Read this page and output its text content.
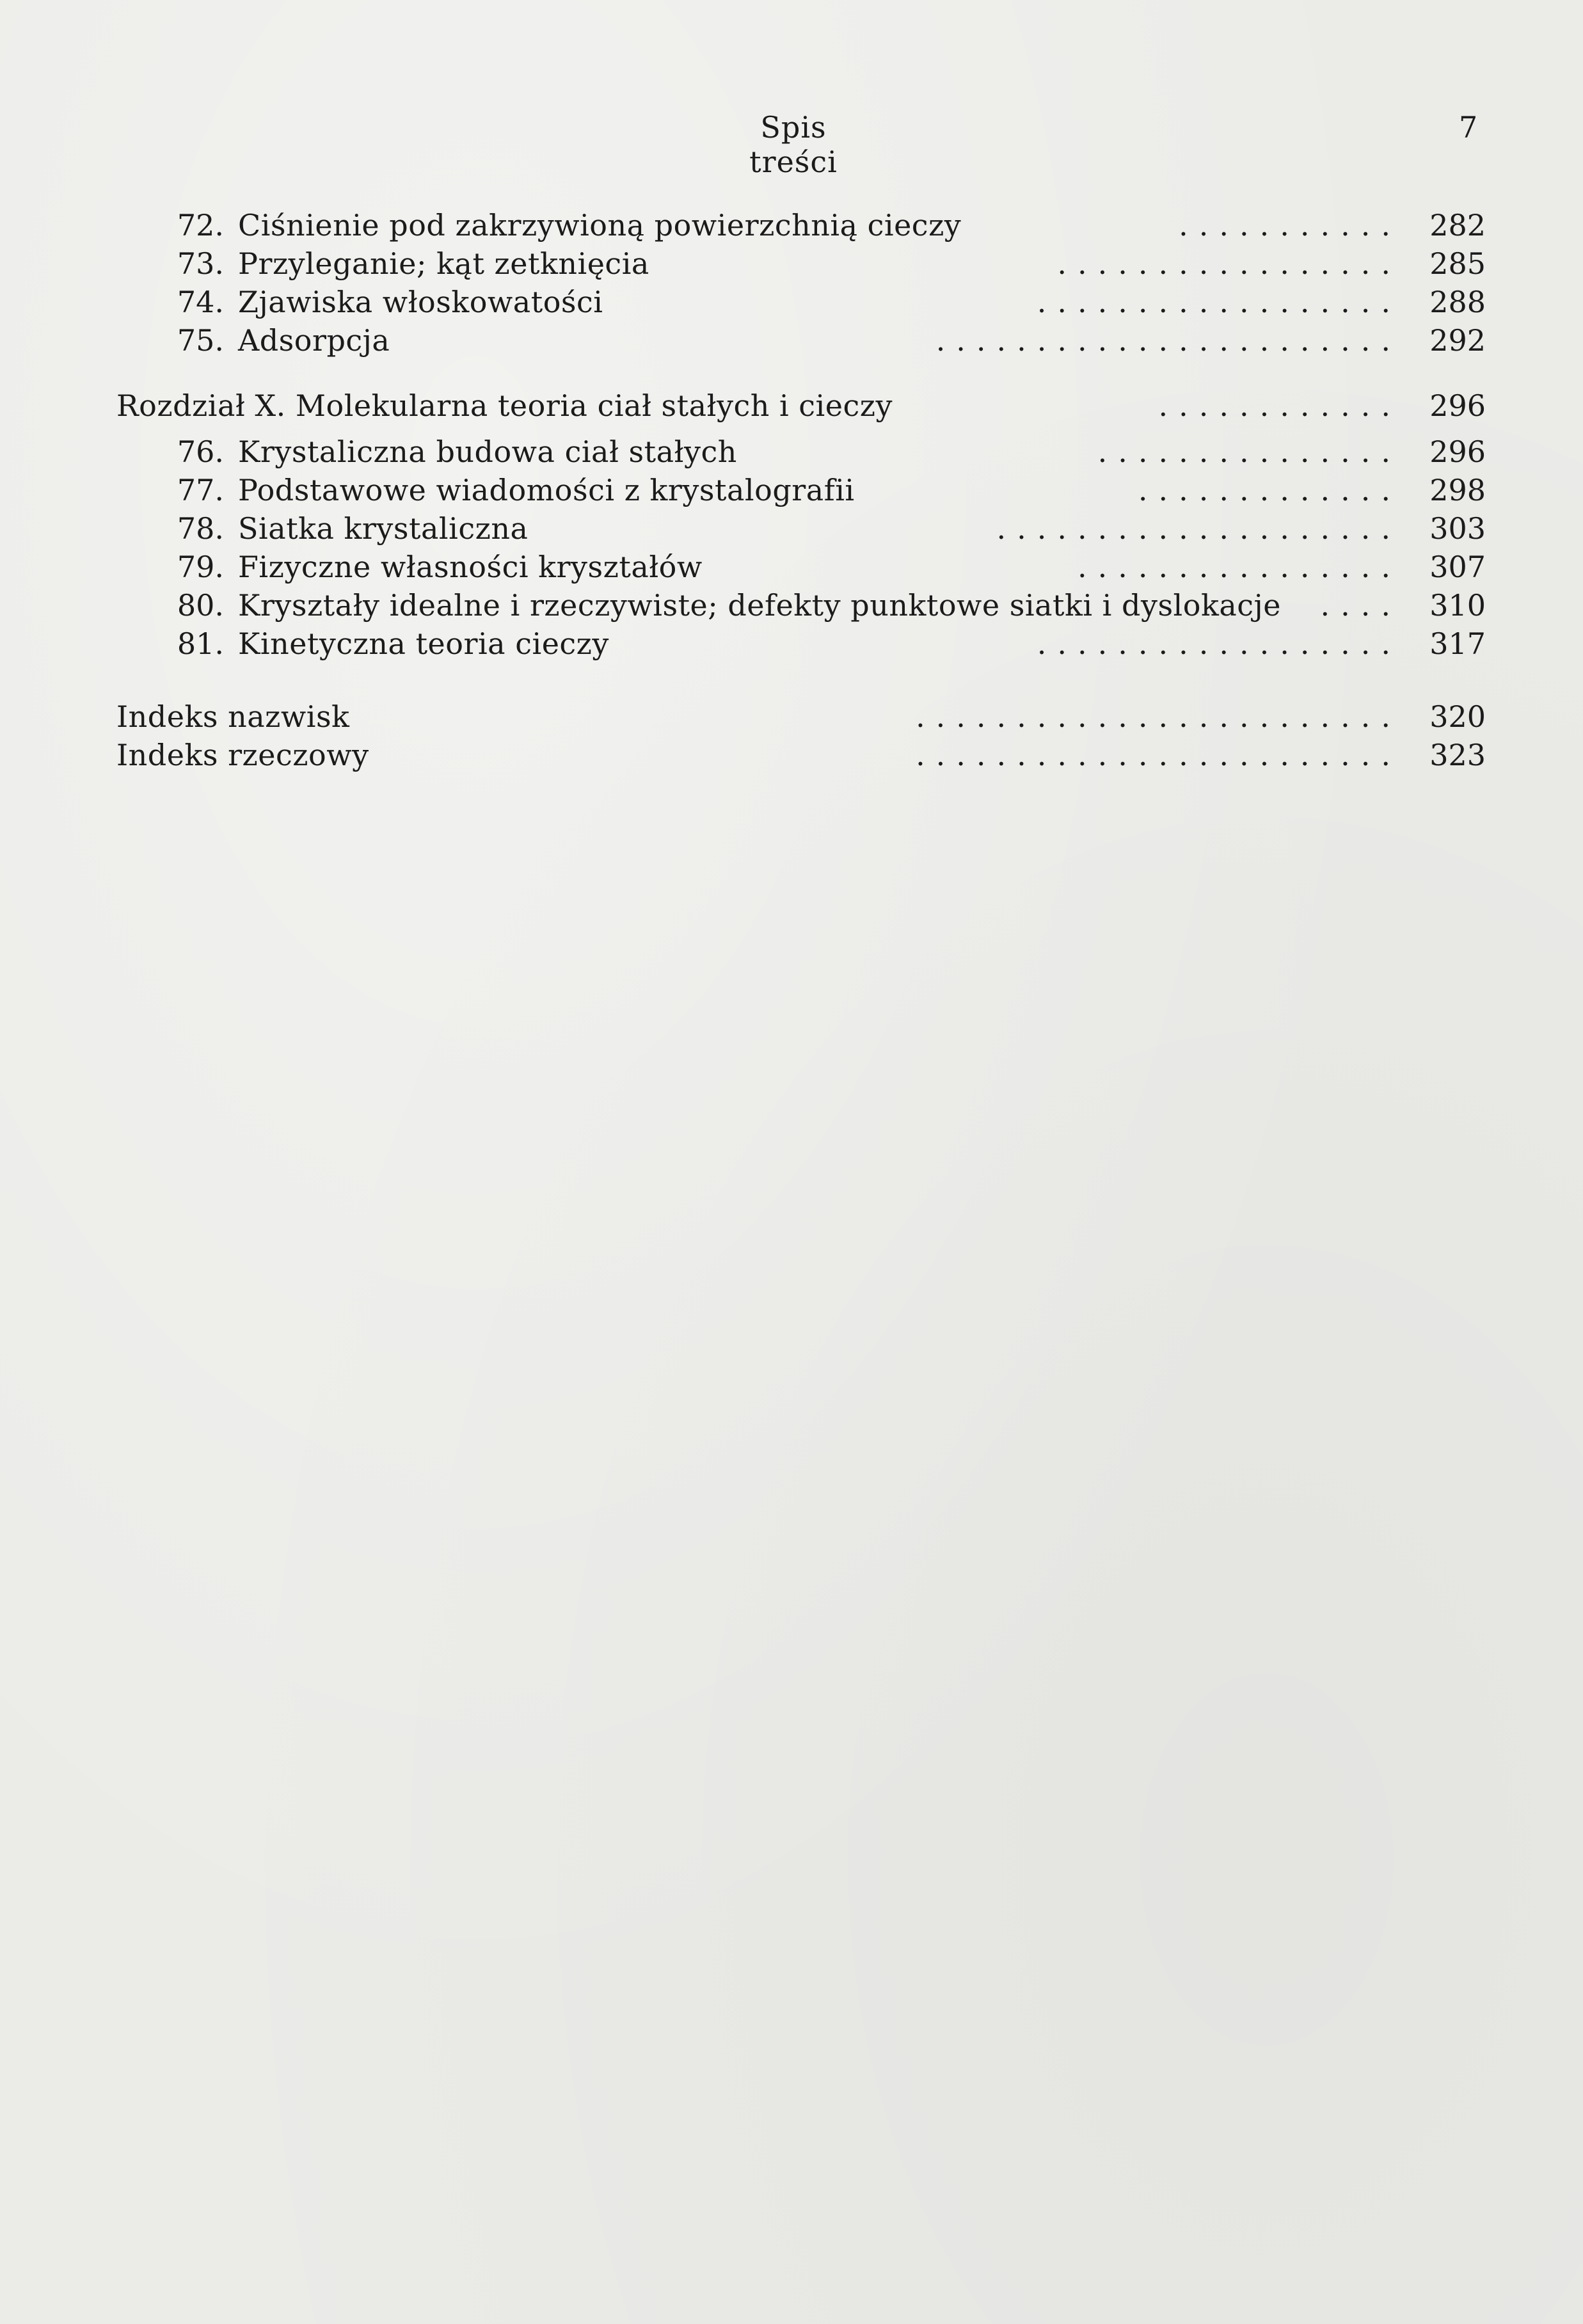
Spis treści
7
72. Ciśnienie pod zakrzywioną powierzchnią cieczy	........... 282
73. Przyleganie; kąt zetknięcia	................. 285
74. Zjawiska włoskowatości	.................. 288
75. Adsorpcja	....................... 292
Rozdział X. Molekularna teoria ciał stałych i cieczy	............ 296
76. Krystaliczna budowa ciał stałych	............... 296
77. Podstawowe wiadomości z krystalografii	............. 298
78. Siatka krystaliczna	.................... 303
79. Fizyczne własności kryształów	................ 307
80. Kryształy idealne i rzeczywiste; defekty punktowe siatki i dyslokacje	.... 310
81. Kinetyczna teoria cieczy	.................. 317
Indeks nazwisk	........................ 320
Indeks rzeczowy	........................ 323
